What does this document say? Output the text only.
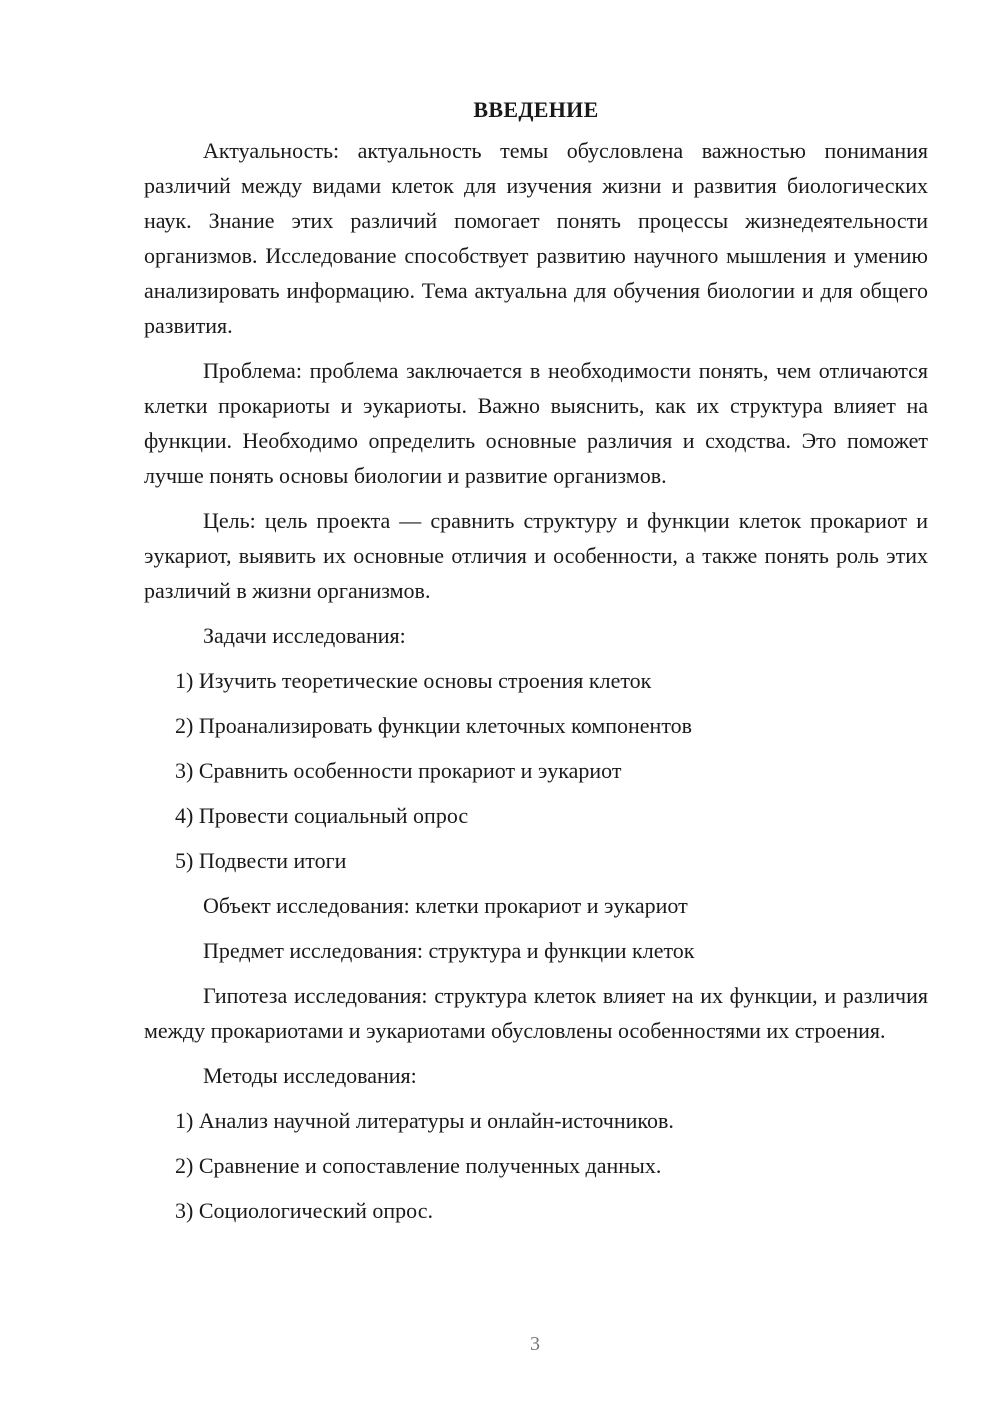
ВВЕДЕНИЕ

Актуальность: актуальность темы обусловлена важностью понимания различий между видами клеток для изучения жизни и развития биологических наук. Знание этих различий помогает понять процессы жизнедеятельности организмов. Исследование способствует развитию научного мышления и умению анализировать информацию. Тема актуальна для обучения биологии и для общего развития.

Проблема: проблема заключается в необходимости понять, чем отличаются клетки прокариоты и эукариоты. Важно выяснить, как их структура влияет на функции. Необходимо определить основные различия и сходства. Это поможет лучше понять основы биологии и развитие организмов.

Цель: цель проекта — сравнить структуру и функции клеток прокариот и эукариот, выявить их основные отличия и особенности, а также понять роль этих различий в жизни организмов.

Задачи исследования:
1) Изучить теоретические основы строения клеток
2) Проанализировать функции клеточных компонентов
3) Сравнить особенности прокариот и эукариот
4) Провести социальный опрос
5) Подвести итоги
Объект исследования: клетки прокариот и эукариот
Предмет исследования: структура и функции клеток

Гипотеза исследования: структура клеток влияет на их функции, и различия между прокариотами и эукариотами обусловлены особенностями их строения.

Методы исследования:
1) Анализ научной литературы и онлайн-источников.
2) Сравнение и сопоставление полученных данных.
3) Социологический опрос.
3
